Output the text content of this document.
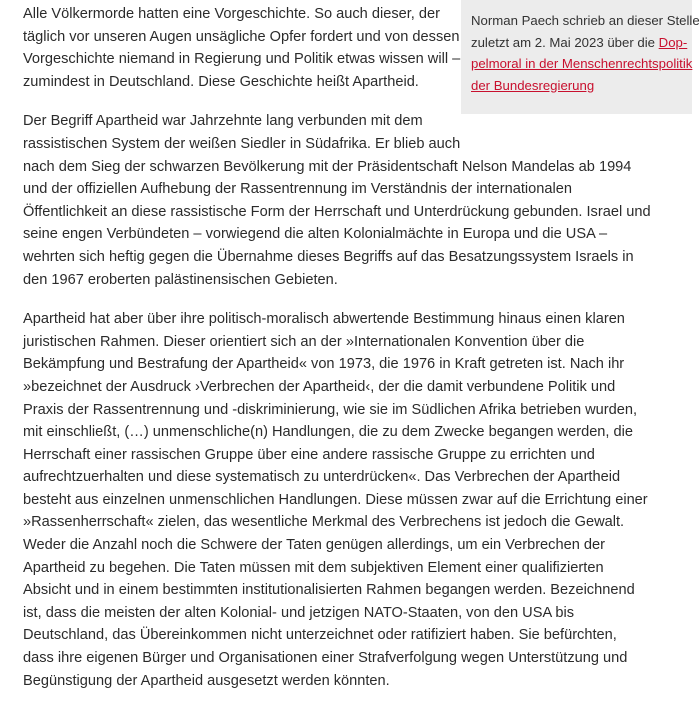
Norman Paech schrieb an dieser Stelle
zuletzt am 2. Mai 2023 über die Dop-
pelmoral in der Menschenrechtspolitik
der Bundesregierung

Alle Völkermorde hatten eine Vorgeschichte. So auch dieser, der
täglich vor unseren Augen unsägliche Opfer fordert und von dessen
Vorgeschichte niemand in Regierung und Politik etwas wissen will –
zumindest in Deutschland. Diese Geschichte heißt Apartheid.

Der Begriff Apartheid war Jahrzehnte lang verbunden mit dem
rassistischen System der weißen Siedler in Südafrika. Er blieb auch
nach dem Sieg der schwarzen Bevölkerung mit der Präsidentschaft Nelson Mandelas ab 1994
und der offiziellen Aufhebung der Rassentrennung im Verständnis der internationalen
Öffentlichkeit an diese rassistische Form der Herrschaft und Unterdrückung gebunden. Israel und
seine engen Verbündeten – vorwiegend die alten Kolonialmächte in Europa und die USA –
wehrten sich heftig gegen die Übernahme dieses Begriffs auf das Besatzungssystem Israels in
den 1967 eroberten palästinensischen Gebieten.

Apartheid hat aber über ihre politisch-moralisch abwertende Bestimmung hinaus einen klaren
juristischen Rahmen. Dieser orientiert sich an der »Internationalen Konvention über die
Bekämpfung und Bestrafung der Apartheid« von 1973, die 1976 in Kraft getreten ist. Nach ihr
»bezeichnet der Ausdruck ›Verbrechen der Apartheid‹, der die damit verbundene Politik und
Praxis der Rassentrennung und -diskriminierung, wie sie im Südlichen Afrika betrieben wurden,
mit einschließt, (…) unmenschliche(n) Handlungen, die zu dem Zwecke begangen werden, die
Herrschaft einer rassischen Gruppe über eine andere rassische Gruppe zu errichten und
aufrechtzuerhalten und diese systematisch zu unterdrücken«. Das Verbrechen der Apartheid
besteht aus einzelnen unmenschlichen Handlungen. Diese müssen zwar auf die Errichtung einer
»Rassenherrschaft« zielen, das wesentliche Merkmal des Verbrechens ist jedoch die Gewalt.
Weder die Anzahl noch die Schwere der Taten genügen allerdings, um ein Verbrechen der
Apartheid zu begehen. Die Taten müssen mit dem subjektiven Element einer qualifizierten
Absicht und in einem bestimmten institutionalisierten Rahmen begangen werden. Bezeichnend
ist, dass die meisten der alten Kolonial- und jetzigen NATO-Staaten, von den USA bis
Deutschland, das Übereinkommen nicht unterzeichnet oder ratifiziert haben. Sie befürchten,
dass ihre eigenen Bürger und Organisationen einer Strafverfolgung wegen Unterstützung und
Begünstigung der Apartheid ausgesetzt werden könnten.
